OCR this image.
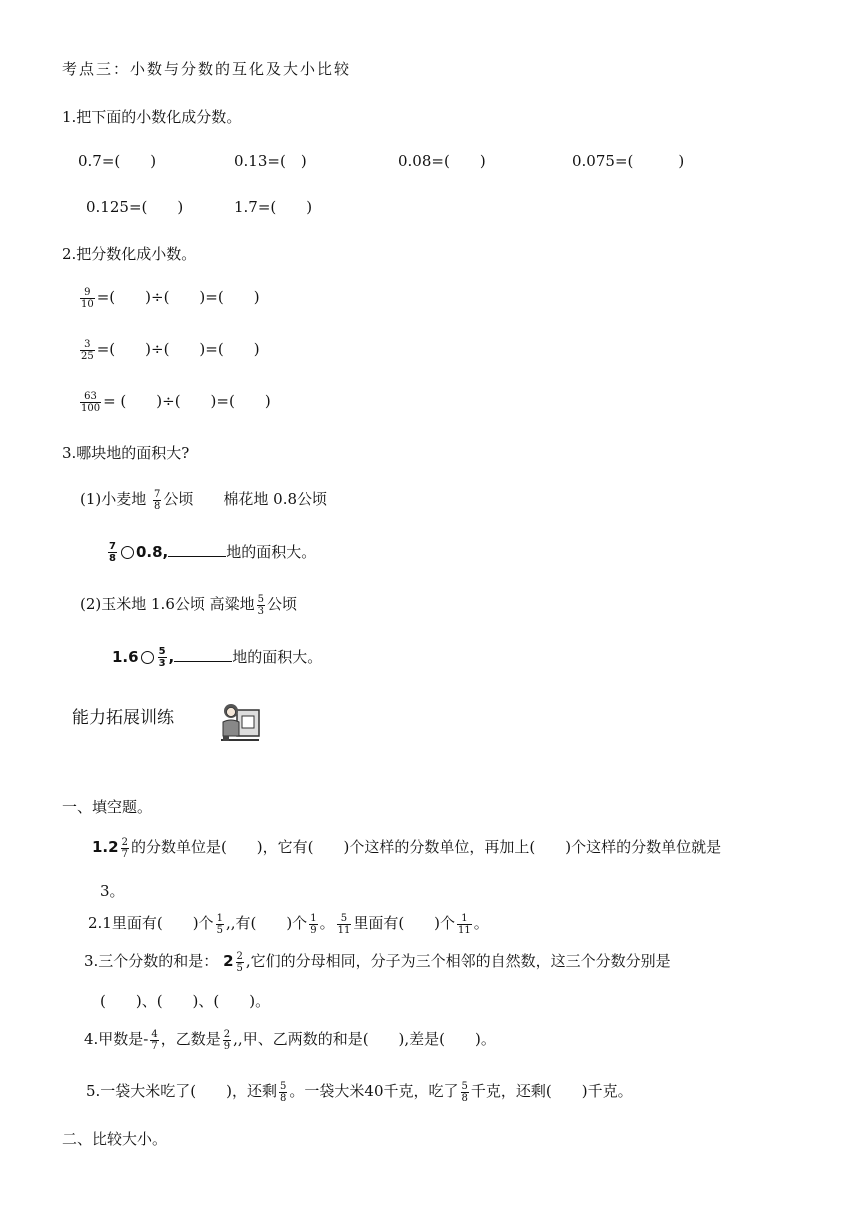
考点三：小数与分数的互化及大小比较
1.把下面的小数化成分数。
0.7=(　　)	0.13=(　)	0.08=(　　)	0.075=(　　　)
0.125=(　　)	1.7=(　　)
2.把分数化成小数。
$\frac{9}{10}$ =(　　)÷(　　)=(　　)
$\frac{3}{25}$ =(　　)÷(　　)=(　　)
$\frac{63}{100}$ = (　　)÷(　　)=(　　)
3.哪块地的面积大?
(1)小麦地 $\frac{7}{8}$ 公顷　　棉花地 0.8公顷
$\frac{7}{8} 0.8$,	地的面积大。
(2)玉米地 1.6公顷 高粱地 $\frac{5}{3}$ 公顷
$1.6 \frac{5}{3}$ ,	地的面积大。
能力拓展训练
一、填空题。
$1.2 \frac{2}{7}$ 的分数单位是(　　)，它有(　　)个这样的分数单位，再加上(　　)个这样的分数单位就是
3。
2.1里面有(　　)个 $\frac{1}{5}$ ,,有(　　)个 $\frac{1}{9}$ 。 $\frac{5}{11}$ 里面有(　　)个 $\frac{1}{11}$ 。
3.三个分数的和是： $2 \frac{2}{5}$ ,它们的分母相同，分子为三个相邻的自然数，这三个分数分别是
(　　)、(　　)、(　　)。
4.甲数是- $\frac{4}{7}$ ，乙数是 $\frac{2}{9}$ ,,甲、乙两数的和是(　　),差是(　　)。
5.一袋大米吃了(　　)，还剩 $\frac{5}{8}$ 。一袋大米40千克，吃了 $\frac{5}{8}$ 千克，还剩(　　)千克。
二、比较大小。
